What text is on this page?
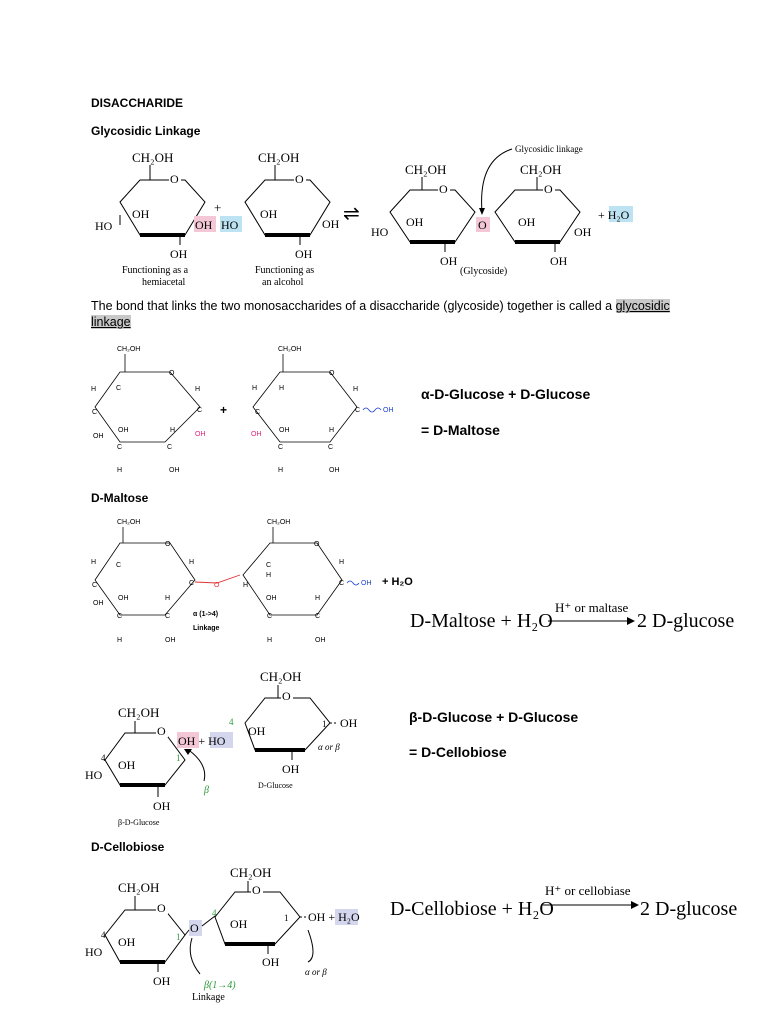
DISACCHARIDE
Glycosidic Linkage
CH₂OH
O
HO
OH
OH
OH
+
HO
Functioning as a
hemiacetal
CH₂OH
O
OH
OH
OH
Functioning as
an alcohol
⇌
CH₂OH
O
HO
OH
OH
O
CH₂OH
O
OH
OH
OH
(Glycoside)
+ H₂O
Glycosidic linkage
The bond that links the two monosaccharides of a disaccharide (glycoside) together is called a glycosidic linkage
CH₂OH
O
H	C
C
OH
OH
C
H
H
C
OH
H
C
OH
+
CH₂OH
O
H	H
C
OH
OH
C
H
H
C
OH
H
C	OH
α-D-Glucose + D-Glucose
= D-Maltose
D-Maltose
CH₂OH
O
H	C
C
OH
OH
C
H
H
C
OH
H
C	O
α (1->4)
Linkage
CH₂OH
O
C
H
H
OH
C
H
H
C
OH
H
C OH + H₂O
D-Maltose + H₂O
H⁺ or maltase
2 D-glucose
CH₂OH
O
4
OH	1 OH
α or β
OH
D-Glucose
CH₂OH
O
4
HO
OH	1
OH + HO
OH
β
β-D-Glucose
β-D-Glucose + D-Glucose
= D-Cellobiose
D-Cellobiose
CH₂OH
O
4
HO
OH	1
OH
O
4
CH₂OH
O
OH
OH
1 OH + H₂O
α or β
β(1→4)
Linkage
D-Cellobiose + H₂O
H⁺ or cellobiase
2 D-glucose
